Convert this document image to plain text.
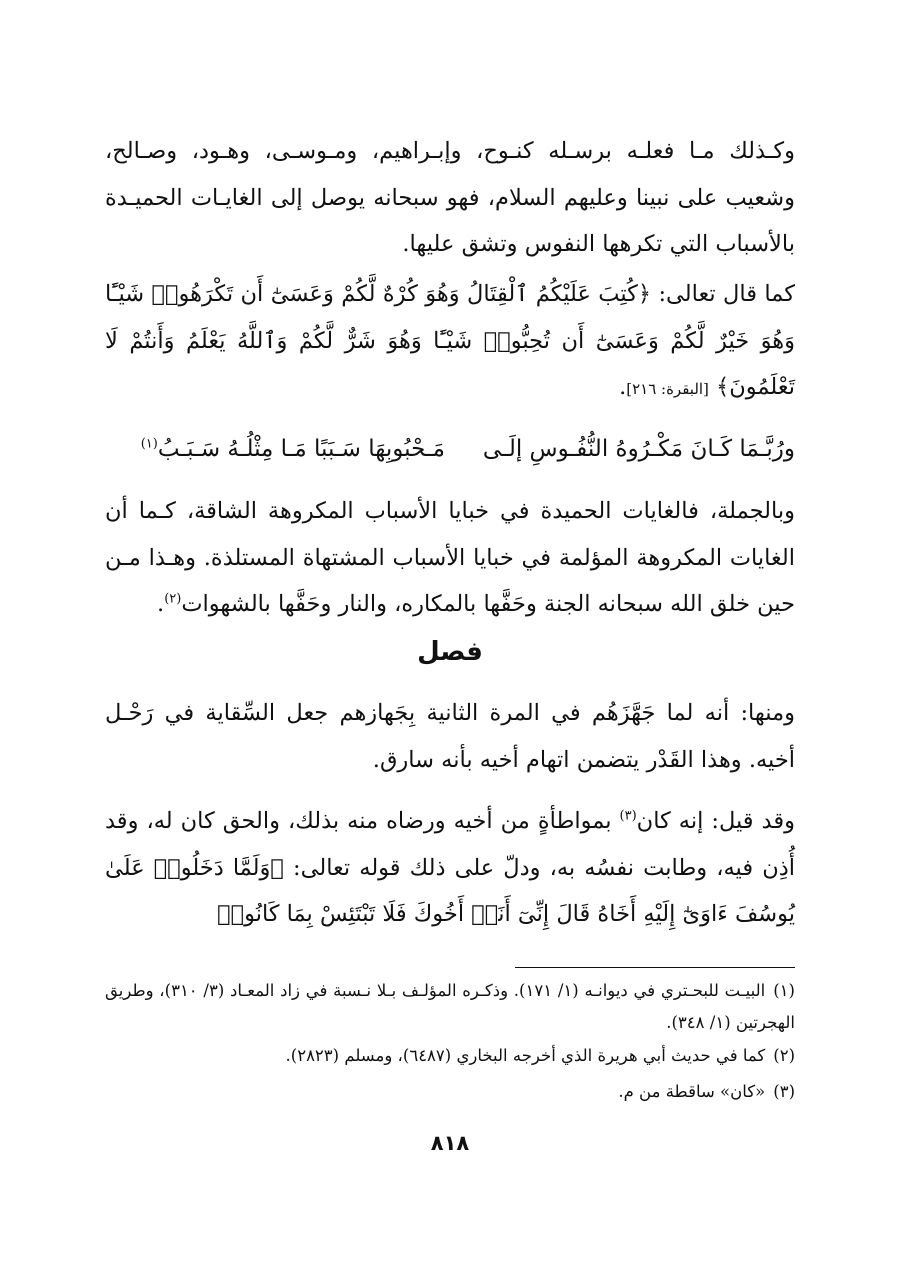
وكـذلك مـا فعلـه برسـله كنـوح، وإبـراهيم، ومـوسـى، وهـود، وصـالح، وشعيب على نبينا وعليهم السلام، فهو سبحانه يوصل إلى الغايـات الحميـدة بالأسباب التي تكرهها النفوس وتشق عليها.

كما قال تعالى: ﴿كُتِبَ عَلَيْكُمُ ٱلْقِتَالُ وَهُوَ كُرْهٌ لَّكُمْ وَعَسَىٰٓ أَن تَكْرَهُوا۟ شَيْـًٔا وَهُوَ خَيْرٌ لَّكُمْ وَعَسَىٰٓ أَن تُحِبُّوا۟ شَيْـًٔا وَهُوَ شَرٌّ لَّكُمْ وَٱللَّهُ يَعْلَمُ وَأَنتُمْ لَا تَعْلَمُونَ﴾ [البقرة: ٢١٦].

ورُبَّـمَا كَـانَ مَكْـرُوهُ النُّفُـوسِ إلَـى
مَـحْبُوبِهَا سَـبَبًا مَـا مِثْلُـهُ سَـبَـبُ$^{(١)}$

وبالجملة، فالغايات الحميدة في خبايا الأسباب المكروهة الشاقة، كـما أن الغايات المكروهة المؤلمة في خبايا الأسباب المشتهاة المستلذة. وهـذا مـن حين خلق الله سبحانه الجنة وحَفَّها بالمكاره، والنار وحَفَّها بالشهوات$^{(٢)}$.

فصل

ومنها: أنه لما جَهَّزَهُم في المرة الثانية بِجَهازهم جعل السِّقاية في رَحْـل أخيه. وهذا القَدْر يتضمن اتهام أخيه بأنه سارق.

وقد قيل: إنه كان$^{(٣)}$ بمواطأةٍ من أخيه ورضاه منه بذلك، والحق كان له، وقد أُذِن فيه، وطابت نفسُه به، ودلّ على ذلك قوله تعالى: ﴿وَلَمَّا دَخَلُوا۟ عَلَىٰ يُوسُفَ ءَاوَىٰٓ إِلَيْهِ أَخَاهُ قَالَ إِنِّىٓ أَنَا۠ أَخُوكَ فَلَا تَبْتَئِسْ بِمَا كَانُوا۟

(١)البيـت للبحـتري في ديوانـه (١/ ١٧١). وذكـره المؤلـف بـلا نـسبة في زاد المعـاد (٣/ ٣١٠)، وطريق الهجرتين (١/ ٣٤٨).
(٢)كما في حديث أبي هريرة الذي أخرجه البخاري (٦٤٨٧)، ومسلم (٢٨٢٣).
(٣)«كان» ساقطة من م.
٨١٨
